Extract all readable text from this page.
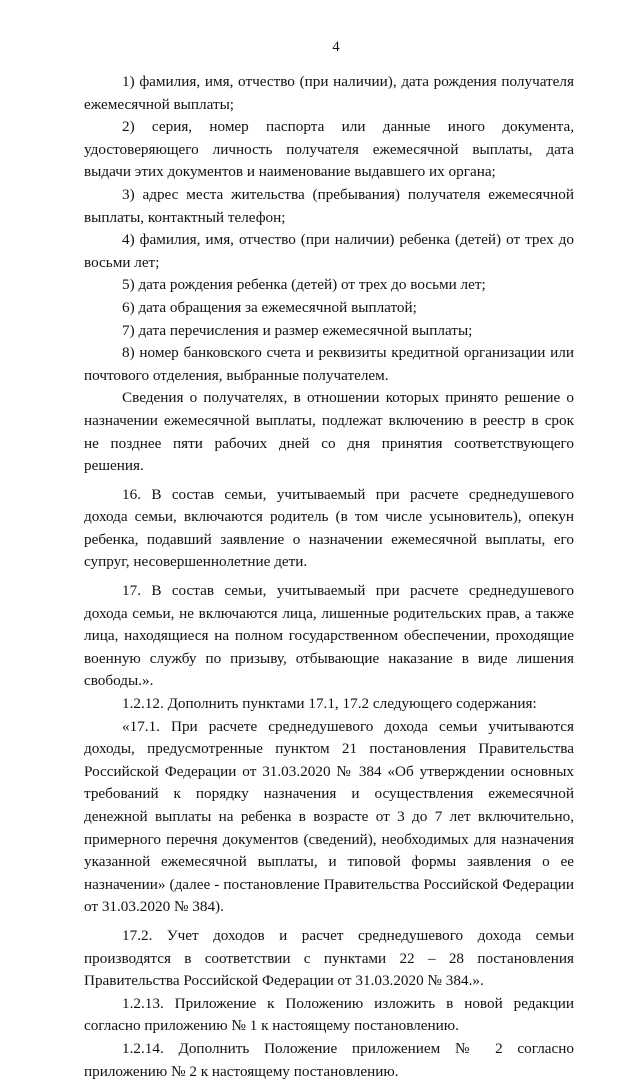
4

1) фамилия, имя, отчество (при наличии), дата рождения получателя ежемесячной выплаты;

2) серия, номер паспорта или данные иного документа, удостоверяющего личность получателя ежемесячной выплаты, дата выдачи этих документов и наименование выдавшего их органа;

3) адрес места жительства (пребывания) получателя ежемесячной выплаты, контактный телефон;

4) фамилия, имя, отчество (при наличии) ребенка (детей) от трех до восьми лет;

5) дата рождения ребенка (детей) от трех до восьми лет;

6) дата обращения за ежемесячной выплатой;

7) дата перечисления и размер ежемесячной выплаты;

8) номер банковского счета и реквизиты кредитной организации или почтового отделения, выбранные получателем.

Сведения о получателях, в отношении которых принято решение о назначении ежемесячной выплаты, подлежат включению в реестр в срок не позднее пяти рабочих дней со дня принятия соответствующего решения.

16. В состав семьи, учитываемый при расчете среднедушевого дохода семьи, включаются родитель (в том числе усыновитель), опекун ребенка, подавший заявление о назначении ежемесячной выплаты, его супруг, несовершеннолетние дети.

17. В состав семьи, учитываемый при расчете среднедушевого дохода семьи, не включаются лица, лишенные родительских прав, а также лица, находящиеся на полном государственном обеспечении, проходящие военную службу по призыву, отбывающие наказание в виде лишения свободы.».

1.2.12. Дополнить пунктами 17.1, 17.2 следующего содержания:

«17.1. При расчете среднедушевого дохода семьи учитываются доходы, предусмотренные пунктом 21 постановления Правительства Российской Федерации от 31.03.2020 № 384 «Об утверждении основных требований к порядку назначения и осуществления ежемесячной денежной выплаты на ребенка в возрасте от 3 до 7 лет включительно, примерного перечня документов (сведений), необходимых для назначения указанной ежемесячной выплаты, и типовой формы заявления о ее назначении» (далее - постановление Правительства Российской Федерации от 31.03.2020 № 384).

17.2. Учет доходов и расчет среднедушевого дохода семьи производятся в соответствии с пунктами 22 – 28 постановления Правительства Российской Федерации от 31.03.2020 № 384.».

1.2.13. Приложение к Положению изложить в новой редакции согласно приложению № 1 к настоящему постановлению.

1.2.14. Дополнить Положение приложением № 2 согласно приложению № 2 к настоящему постановлению.
